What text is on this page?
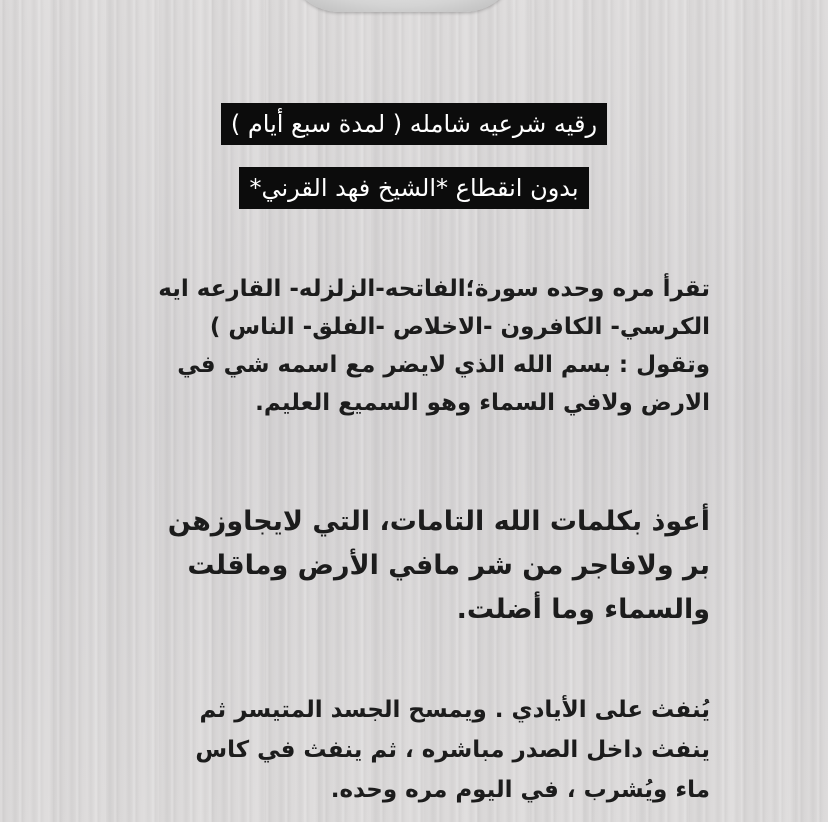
رقيه شرعيه شامله ( لمدة سبع أيام )
بدون انقطاع *الشيخ فهد القرني*
تقرأ مره وحده سورة؛الفاتحه-الزلزله- القارعه ايه
الكرسي- الكافرون -الاخلاص -الفلق- الناس )
وتقول : بسم الله الذي لايضر مع اسمه شي في
الارض ولافي السماء وهو السميع العليم.
أعوذ بكلمات الله التامات، التي لايجاوزهن
بر ولافاجر من شر مافي الأرض وماقلت
والسماء وما أضلت.
يُنفث على الأيادي . ويمسح الجسد المتيسر ثم
ينفث داخل الصدر مباشره ، ثم ينفث في كاس
ماء ويُشرب ، في اليوم مره وحده.
